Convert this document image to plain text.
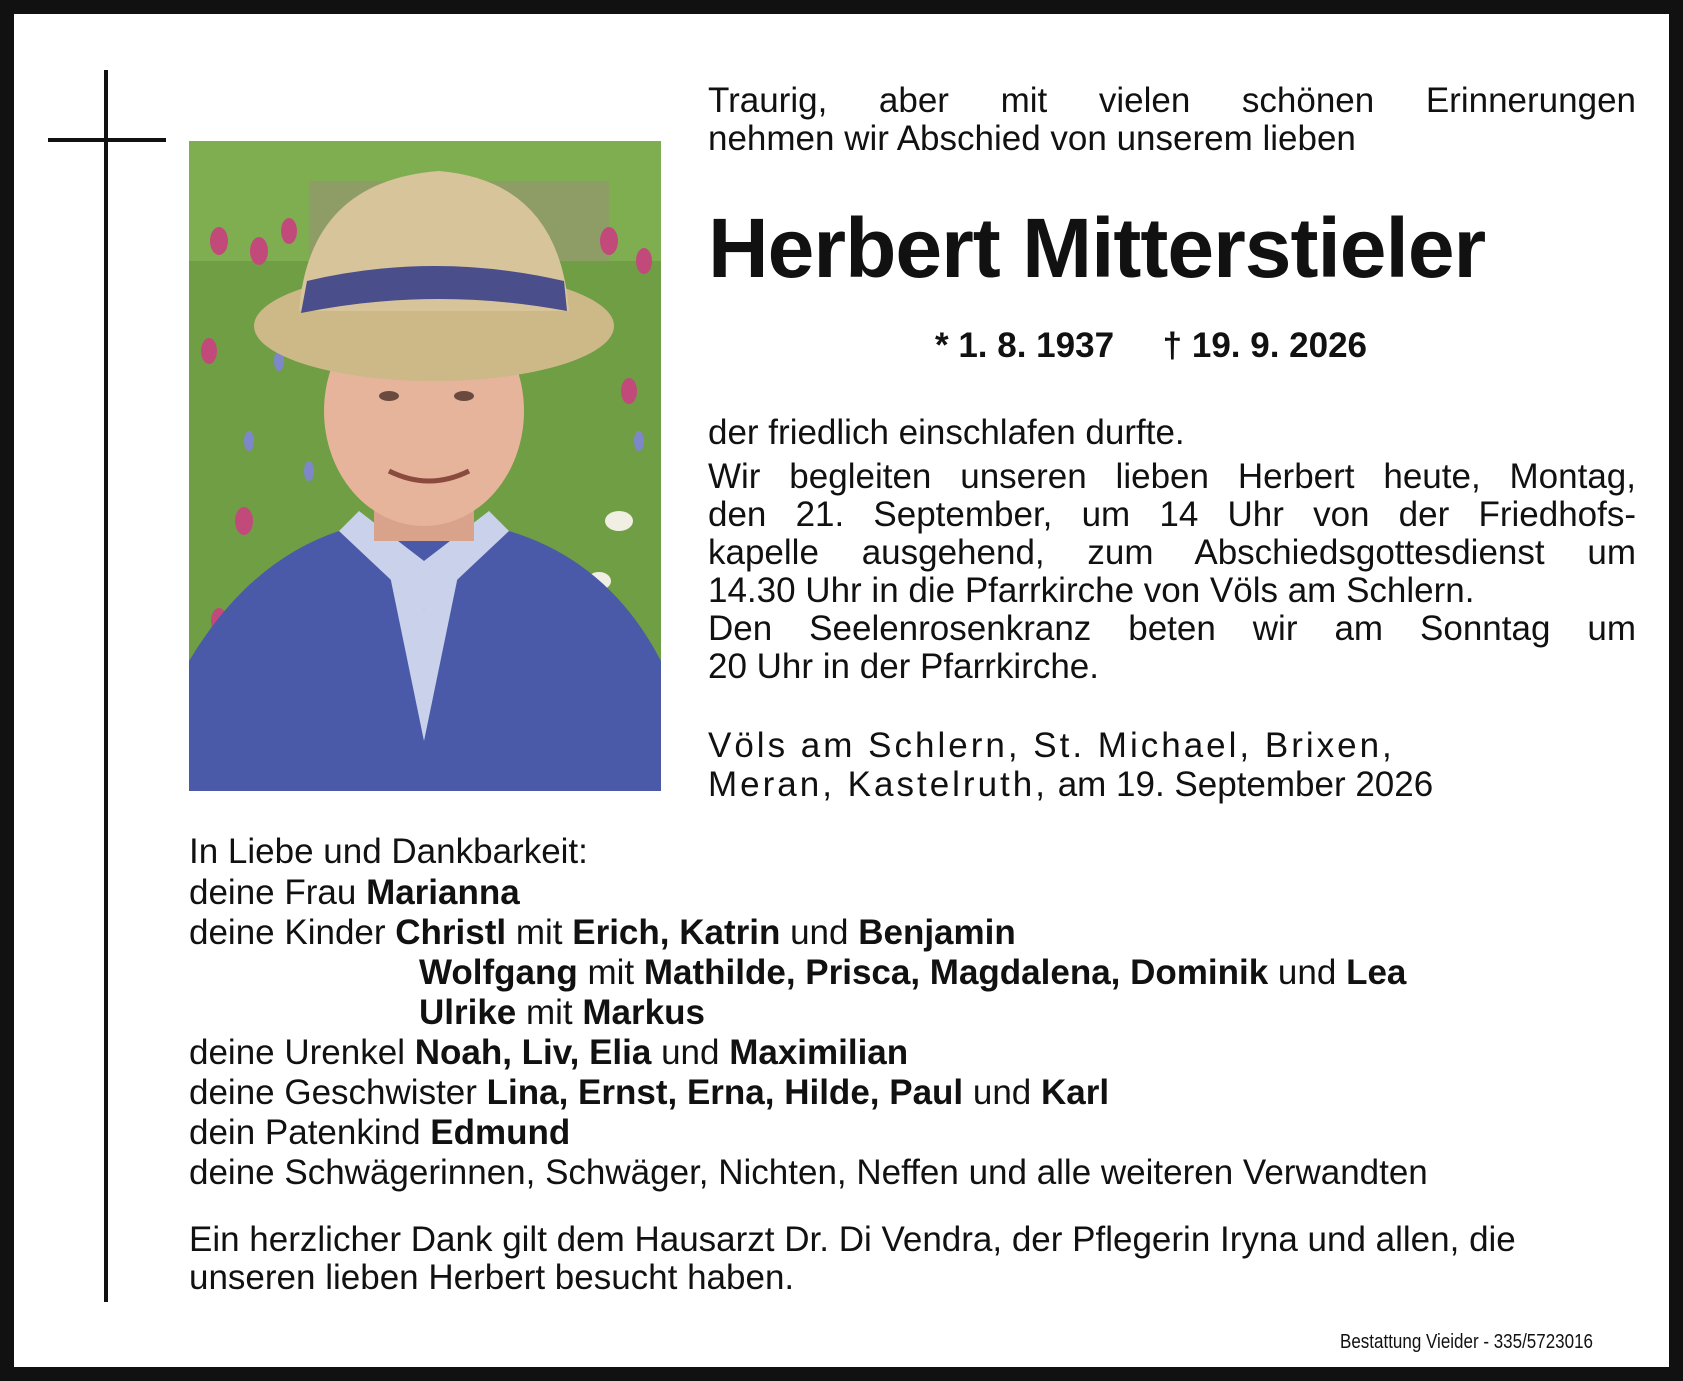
Traurig, aber mit vielen schönen Erinnerungen

nehmen wir Abschied von unserem lieben

Herbert Mitterstieler
* 1. 8. 1937 † 19. 9. 2026

der friedlich einschlafen durfte.

Wir begleiten unseren lieben Herbert heute, Montag,
den 21. September, um 14 Uhr von der Friedhofs-
kapelle ausgehend, zum Abschiedsgottesdienst um
14.30 Uhr in die Pfarrkirche von Völs am Schlern.
Den Seelenrosenkranz beten wir am Sonntag um
20 Uhr in der Pfarrkirche.
Völs am Schlern, St. Michael, Brixen,
Meran, Kastelruth, am 19. September 2026
In Liebe und Dankbarkeit:
deine Frau Marianna
deine Kinder Christl mit Erich, Katrin und Benjamin
Wolfgang mit Mathilde, Prisca, Magdalena, Dominik und Lea
Ulrike mit Markus
deine Urenkel Noah, Liv, Elia und Maximilian
deine Geschwister Lina, Ernst, Erna, Hilde, Paul und Karl
dein Patenkind Edmund
deine Schwägerinnen, Schwäger, Nichten, Neffen und alle weiteren Verwandten
Ein herzlicher Dank gilt dem Hausarzt Dr. Di Vendra, der Pflegerin Iryna und allen, die
unseren lieben Herbert besucht haben.
Bestattung Vieider - 335/5723016
